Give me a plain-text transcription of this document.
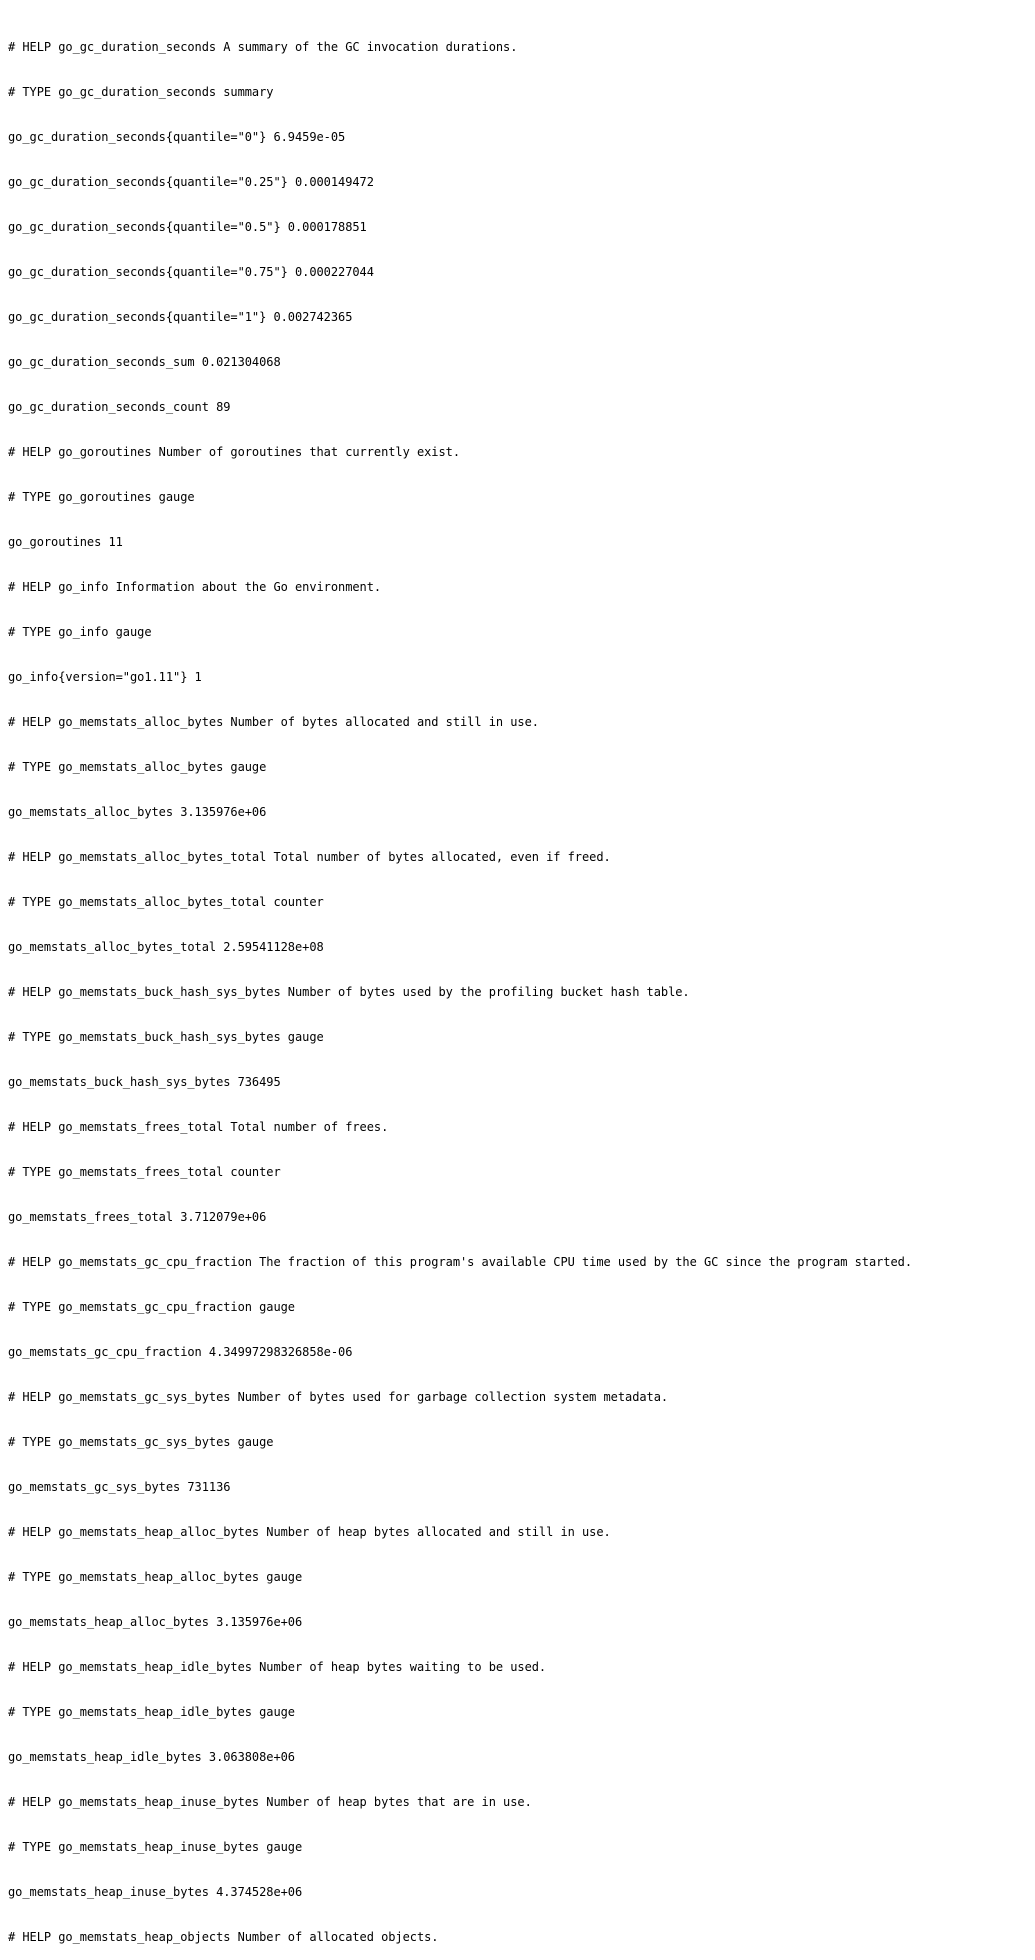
# HELP go_gc_duration_seconds A summary of the GC invocation durations.

# TYPE go_gc_duration_seconds summary

go_gc_duration_seconds{quantile="0"} 6.9459e-05

go_gc_duration_seconds{quantile="0.25"} 0.000149472

go_gc_duration_seconds{quantile="0.5"} 0.000178851

go_gc_duration_seconds{quantile="0.75"} 0.000227044

go_gc_duration_seconds{quantile="1"} 0.002742365

go_gc_duration_seconds_sum 0.021304068

go_gc_duration_seconds_count 89

# HELP go_goroutines Number of goroutines that currently exist.

# TYPE go_goroutines gauge

go_goroutines 11

# HELP go_info Information about the Go environment.

# TYPE go_info gauge

go_info{version="go1.11"} 1

# HELP go_memstats_alloc_bytes Number of bytes allocated and still in use.

# TYPE go_memstats_alloc_bytes gauge

go_memstats_alloc_bytes 3.135976e+06

# HELP go_memstats_alloc_bytes_total Total number of bytes allocated, even if freed.

# TYPE go_memstats_alloc_bytes_total counter

go_memstats_alloc_bytes_total 2.59541128e+08

# HELP go_memstats_buck_hash_sys_bytes Number of bytes used by the profiling bucket hash table.

# TYPE go_memstats_buck_hash_sys_bytes gauge

go_memstats_buck_hash_sys_bytes 736495

# HELP go_memstats_frees_total Total number of frees.

# TYPE go_memstats_frees_total counter

go_memstats_frees_total 3.712079e+06

# HELP go_memstats_gc_cpu_fraction The fraction of this program's available CPU time used by the GC since the program started.

# TYPE go_memstats_gc_cpu_fraction gauge

go_memstats_gc_cpu_fraction 4.34997298326858e-06

# HELP go_memstats_gc_sys_bytes Number of bytes used for garbage collection system metadata.

# TYPE go_memstats_gc_sys_bytes gauge

go_memstats_gc_sys_bytes 731136

# HELP go_memstats_heap_alloc_bytes Number of heap bytes allocated and still in use.

# TYPE go_memstats_heap_alloc_bytes gauge

go_memstats_heap_alloc_bytes 3.135976e+06

# HELP go_memstats_heap_idle_bytes Number of heap bytes waiting to be used.

# TYPE go_memstats_heap_idle_bytes gauge

go_memstats_heap_idle_bytes 3.063808e+06

# HELP go_memstats_heap_inuse_bytes Number of heap bytes that are in use.

# TYPE go_memstats_heap_inuse_bytes gauge

go_memstats_heap_inuse_bytes 4.374528e+06

# HELP go_memstats_heap_objects Number of allocated objects.
